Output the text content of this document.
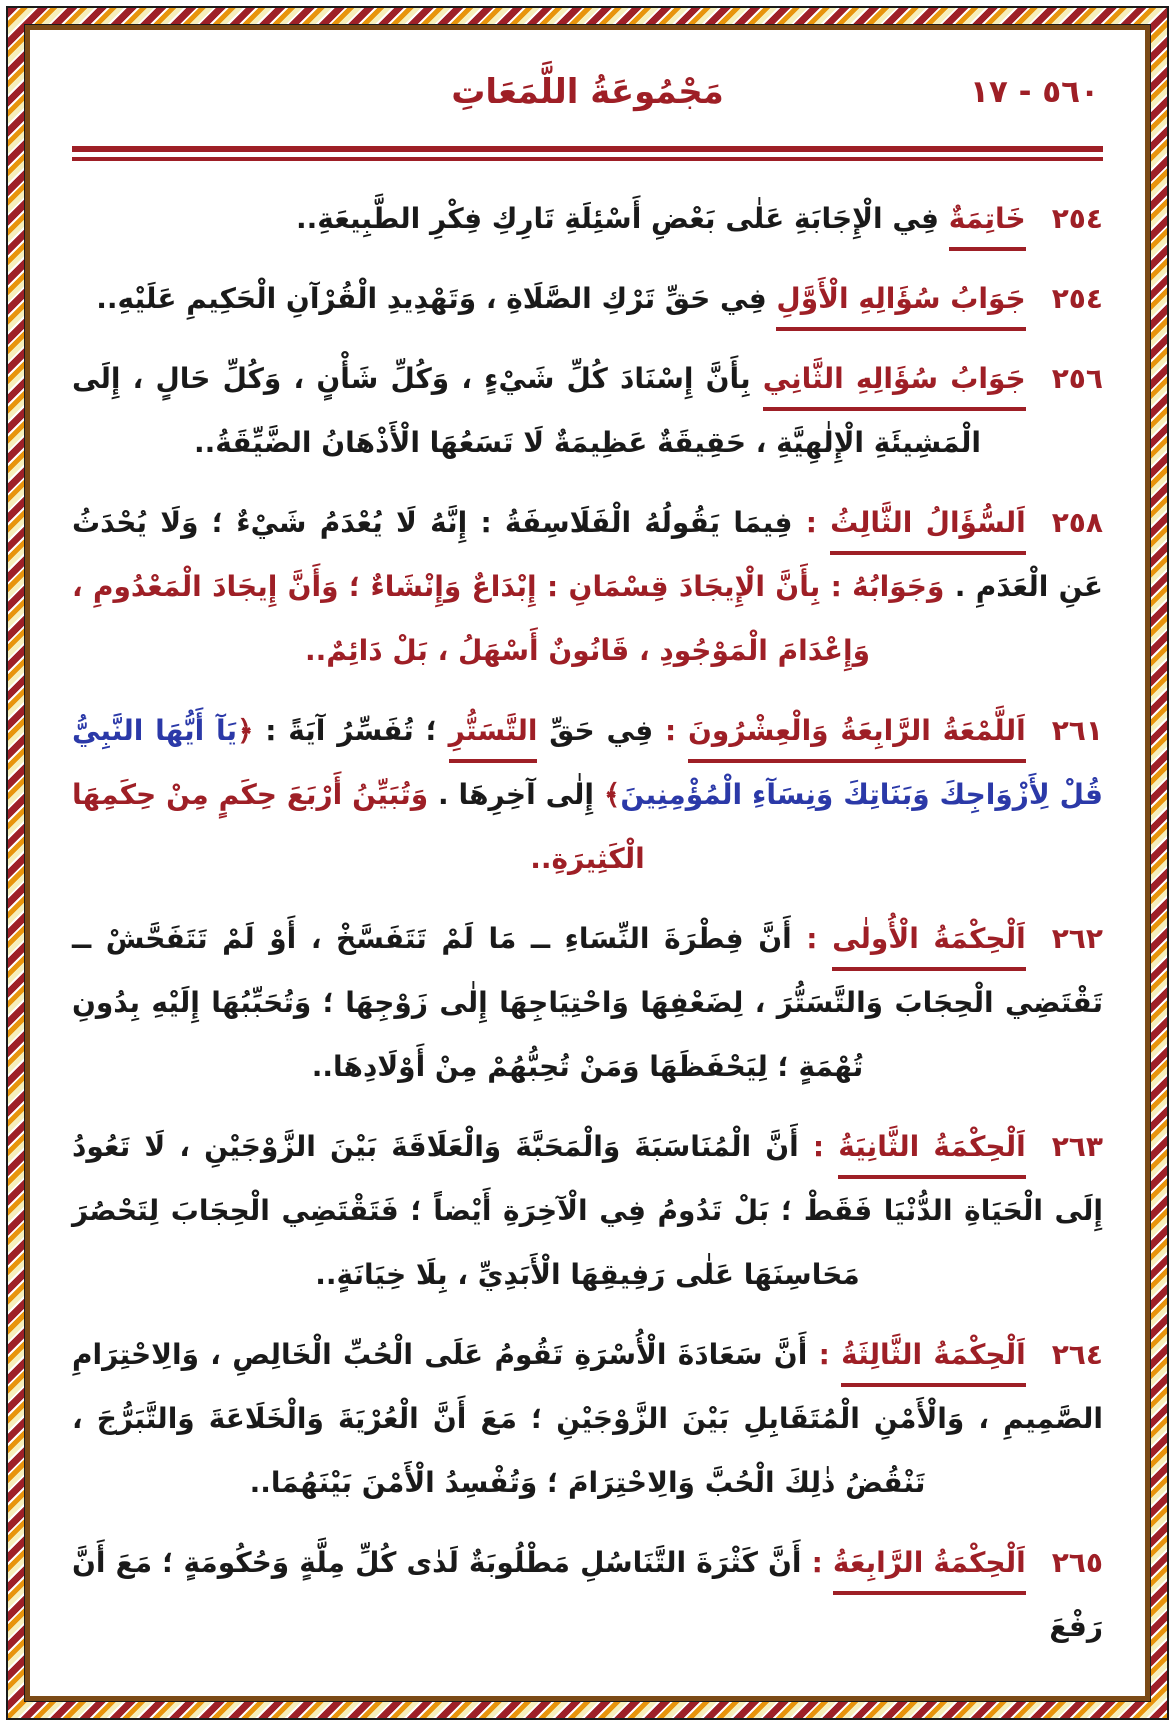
٥٦٠ - ١٧
مَجْمُوعَةُ اللَّمَعَاتِ
٢٥٤خَاتِمَةٌ فِي الْإِجَابَةِ عَلٰى بَعْضِ أَسْئِلَةِ تَارِكِ فِكْرِ الطَّبِيعَةِ..
٢٥٤جَوَابُ سُؤَالِهِ الْأَوَّلِ فِي حَقِّ تَرْكِ الصَّلَاةِ ، وَتَهْدِيدِ الْقُرْآنِ الْحَكِيمِ عَلَيْهِ..
٢٥٦جَوَابُ سُؤَالِهِ الثَّانِي بِأَنَّ إِسْنَادَ كُلِّ شَيْءٍ ، وَكُلِّ شَأْنٍ ، وَكُلِّ حَالٍ ، إِلَى الْمَشِيئَةِ الْإِلٰهِيَّةِ ، حَقِيقَةٌ عَظِيمَةٌ لَا تَسَعُهَا الْأَذْهَانُ الضَّيِّقَةُ..
٢٥٨اَلسُّؤَالُ الثَّالِثُ : فِيمَا يَقُولُهُ الْفَلَاسِفَةُ : إِنَّهُ لَا يُعْدَمُ شَيْءٌ ؛ وَلَا يُحْدَثُ عَنِ الْعَدَمِ . وَجَوَابُهُ : بِأَنَّ الْإِيجَادَ قِسْمَانِ : إِبْدَاعٌ وَإِنْشَاءٌ ؛ وَأَنَّ إِيجَادَ الْمَعْدُومِ ، وَإِعْدَامَ الْمَوْجُودِ ، قَانُونٌ أَسْهَلُ ، بَلْ دَائِمٌ..
٢٦١اَللَّمْعَةُ الرَّابِعَةُ وَالْعِشْرُونَ : فِي حَقِّ التَّسَتُّرِ ؛ تُفَسِّرُ آيَةً : ﴿يَآ أَيُّهَا النَّبِيُّ قُلْ لِأَزْوَاجِكَ وَبَنَاتِكَ وَنِسَآءِ الْمُؤْمِنِينَ﴾ إِلٰى آخِرِهَا . وَتُبَيِّنُ أَرْبَعَ حِكَمٍ مِنْ حِكَمِهَا الْكَثِيرَةِ..
٢٦٢اَلْحِكْمَةُ الْأُولٰى : أَنَّ فِطْرَةَ النِّسَاءِ ــ مَا لَمْ تَتَفَسَّخْ ، أَوْ لَمْ تَتَفَحَّشْ ــ تَقْتَضِي الْحِجَابَ وَالتَّسَتُّرَ ، لِضَعْفِهَا وَاحْتِيَاجِهَا إِلٰى زَوْجِهَا ؛ وَتُحَبِّبُهَا إِلَيْهِ بِدُونِ تُهْمَةٍ ؛ لِيَحْفَظَهَا وَمَنْ تُحِبُّهُمْ مِنْ أَوْلَادِهَا..
٢٦٣اَلْحِكْمَةُ الثَّانِيَةُ : أَنَّ الْمُنَاسَبَةَ وَالْمَحَبَّةَ وَالْعَلَاقَةَ بَيْنَ الزَّوْجَيْنِ ، لَا تَعُودُ إِلَى الْحَيَاةِ الدُّنْيَا فَقَطْ ؛ بَلْ تَدُومُ فِي الْآخِرَةِ أَيْضاً ؛ فَتَقْتَضِي الْحِجَابَ لِتَحْصُرَ مَحَاسِنَهَا عَلٰى رَفِيقِهَا الْأَبَدِيِّ ، بِلَا خِيَانَةٍ..
٢٦٤اَلْحِكْمَةُ الثَّالِثَةُ : أَنَّ سَعَادَةَ الْأُسْرَةِ تَقُومُ عَلَى الْحُبِّ الْخَالِصِ ، وَالِاحْتِرَامِ الصَّمِيمِ ، وَالْأَمْنِ الْمُتَقَابِلِ بَيْنَ الزَّوْجَيْنِ ؛ مَعَ أَنَّ الْعُرْيَةَ وَالْخَلَاعَةَ وَالتَّبَرُّجَ ، تَنْقُضُ ذٰلِكَ الْحُبَّ وَالِاحْتِرَامَ ؛ وَتُفْسِدُ الْأَمْنَ بَيْنَهُمَا..
٢٦٥اَلْحِكْمَةُ الرَّابِعَةُ : أَنَّ كَثْرَةَ التَّنَاسُلِ مَطْلُوبَةٌ لَدٰى كُلِّ مِلَّةٍ وَحُكُومَةٍ ؛ مَعَ أَنَّ رَفْعَ
